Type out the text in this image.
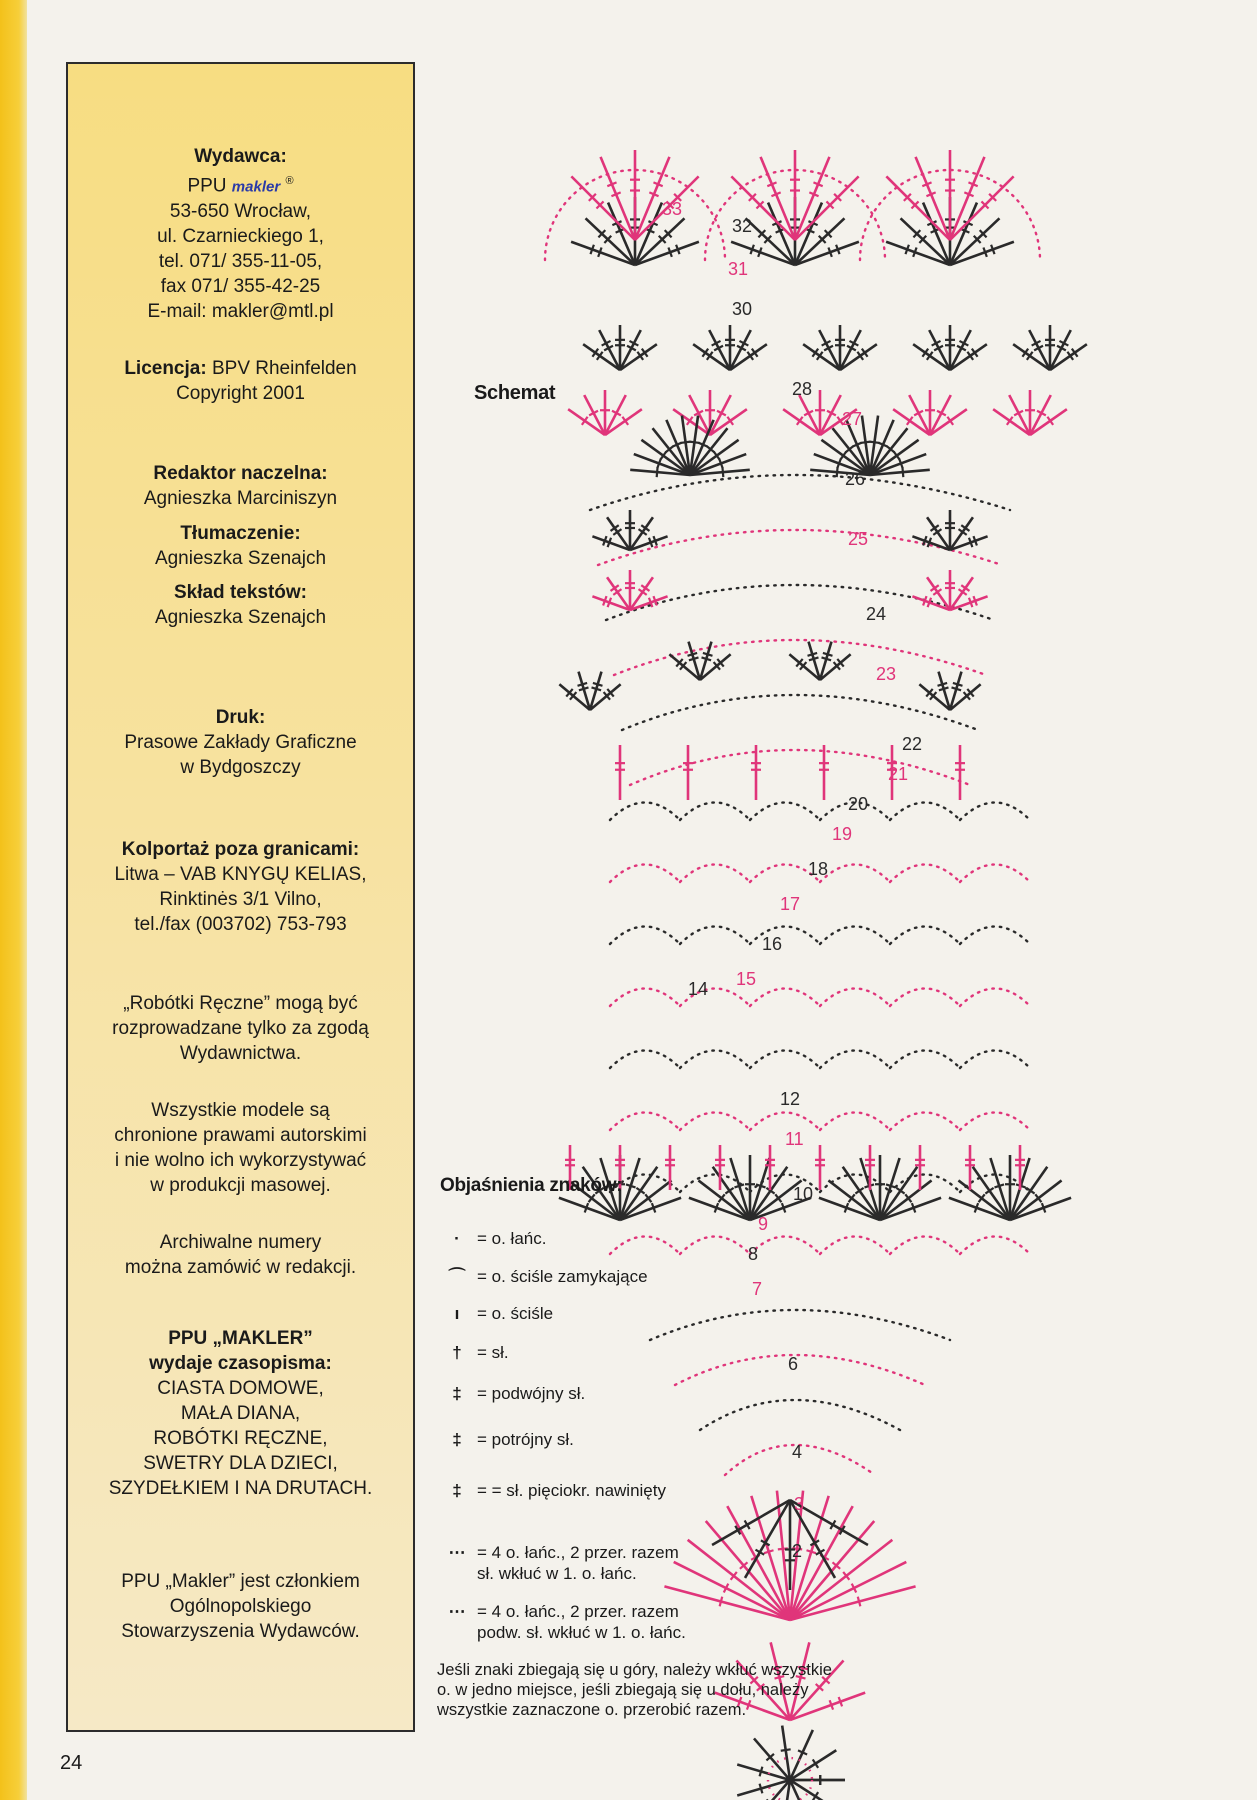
Wydawca:
PPU makler ®
53-650 Wrocław,
ul. Czarnieckiego 1,
tel. 071/ 355-11-05,
fax 071/ 355-42-25
E-mail: makler@mtl.pl
Licencja: BPV Rheinfelden
Copyright 2001
Redaktor naczelna:
Agnieszka Marciniszyn
Tłumaczenie:
Agnieszka Szenajch
Skład tekstów:
Agnieszka Szenajch
Druk:
Prasowe Zakłady Graficzne
w Bydgoszczy
Kolportaż poza granicami:
Litwa – VAB KNYGŲ KELIAS,
Rinktinės 3/1 Vilno,
tel./fax (003702) 753-793
„Robótki Ręczne” mogą być
rozprowadzane tylko za zgodą
Wydawnictwa.
Wszystkie modele są
chronione prawami autorskimi
i nie wolno ich wykorzystywać
w produkcji masowej.
Archiwalne numery
można zamówić w redakcji.
PPU „MAKLER”
wydaje czasopisma:
CIASTA DOMOWE,
MAŁA DIANA,
ROBÓTKI RĘCZNE,
SWETRY DLA DZIECI,
SZYDEŁKIEM I NA DRUTACH.
PPU „Makler” jest członkiem
Ogólnopolskiego
Stowarzyszenia Wydawców.
24
Schemat
2
3
4
6
7
8
9
10
11
12
14 15
16
17
18
19
20
21
22
23
24
25
26
27
28
30
31
32
33
Objaśnienia znaków:
· = o. łańc.
⌒ = o. ściśle zamykające
ı = o. ściśle
† = sł.
‡ = podwójny sł.
‡ = potrójny sł.
‡ = = sł. pięciokr. nawinięty
⋯ = 4 o. łańc., 2 przer. razem
sł. wkłuć w 1. o. łańc.
⋯ = 4 o. łańc., 2 przer. razem
podw. sł. wkłuć w 1. o. łańc.
Jeśli znaki zbiegają się u góry, należy wkłuć wszystkie o. w jedno miejsce, jeśli zbiegają się u dołu, należy wszystkie zaznaczone o. przerobić razem.
